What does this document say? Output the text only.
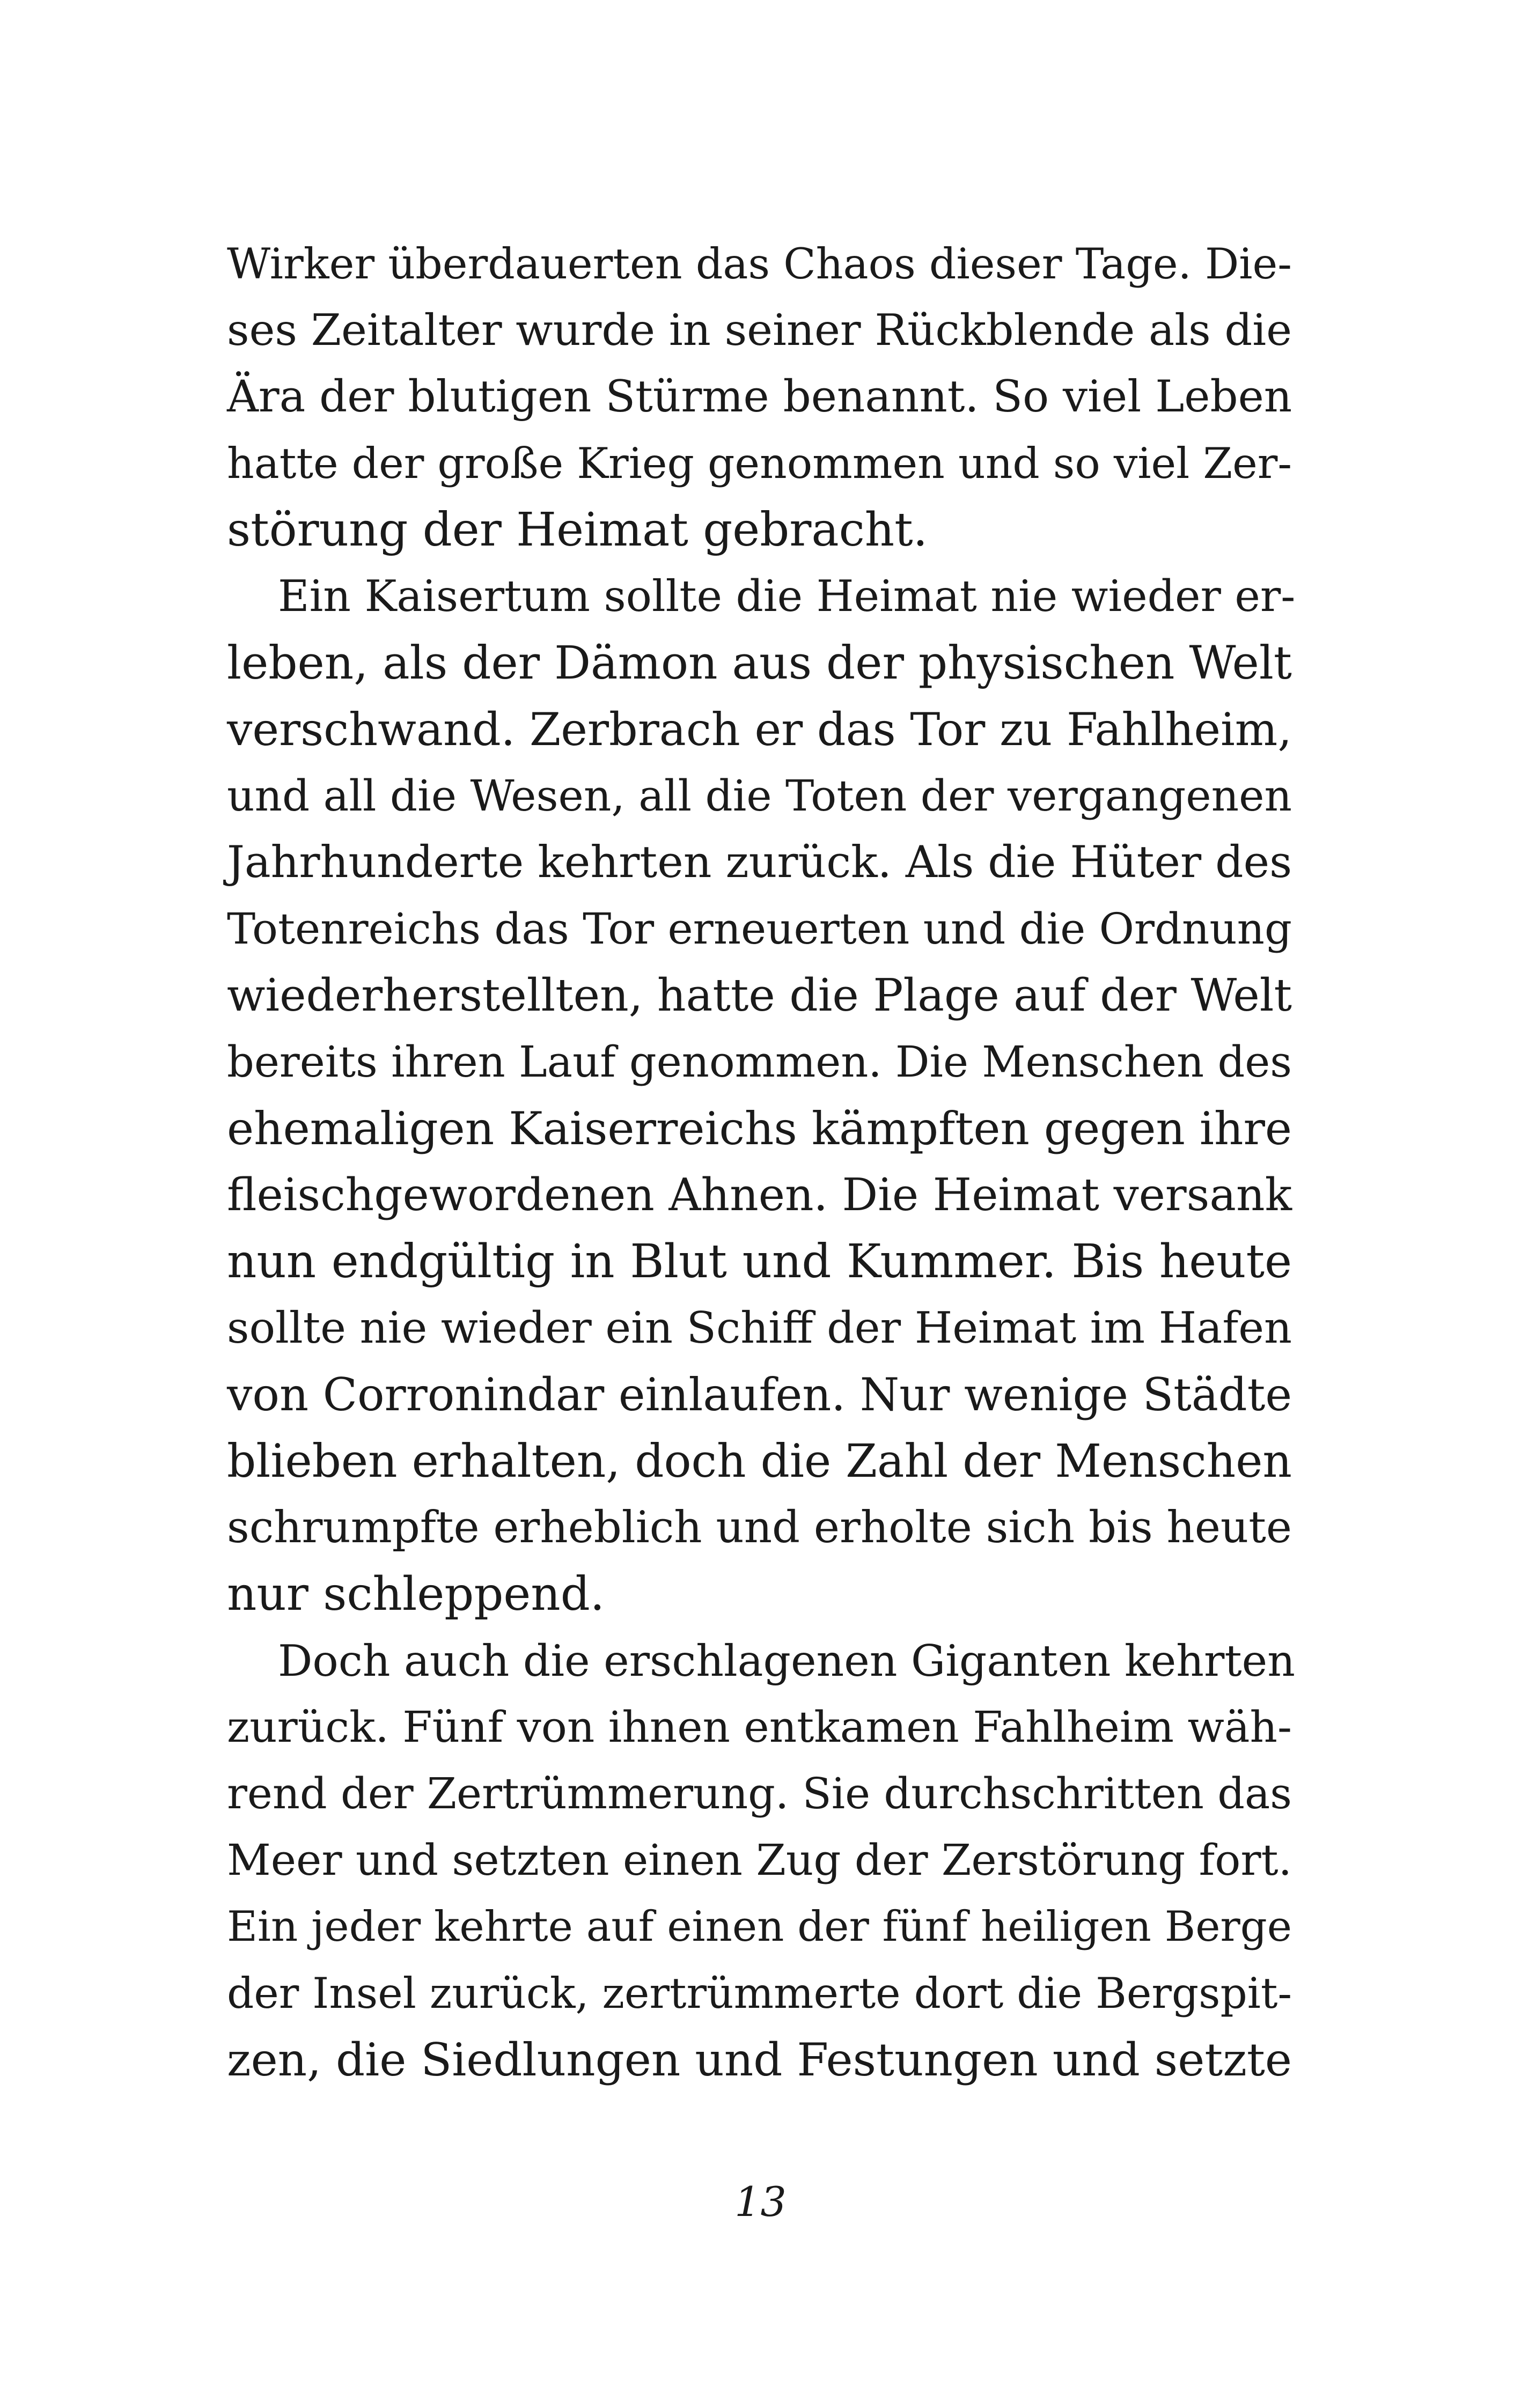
Wirker überdauerten das Chaos dieser Tage. Die-
ses Zeitalter wurde in seiner Rückblende als die
Ära der blutigen Stürme benannt. So viel Leben
hatte der große Krieg genommen und so viel Zer-
störung der Heimat gebracht.
Ein Kaisertum sollte die Heimat nie wieder er-
leben, als der Dämon aus der physischen Welt
verschwand. Zerbrach er das Tor zu Fahlheim,
und all die Wesen, all die Toten der vergangenen
Jahrhunderte kehrten zurück. Als die Hüter des
Totenreichs das Tor erneuerten und die Ordnung
wiederherstellten, hatte die Plage auf der Welt
bereits ihren Lauf genommen. Die Menschen des
ehemaligen Kaiserreichs kämpften gegen ihre
fleischgewordenen Ahnen. Die Heimat versank
nun endgültig in Blut und Kummer. Bis heute
sollte nie wieder ein Schiff der Heimat im Hafen
von Corronindar einlaufen. Nur wenige Städte
blieben erhalten, doch die Zahl der Menschen
schrumpfte erheblich und erholte sich bis heute
nur schleppend.
Doch auch die erschlagenen Giganten kehrten
zurück. Fünf von ihnen entkamen Fahlheim wäh-
rend der Zertrümmerung. Sie durchschritten das
Meer und setzten einen Zug der Zerstörung fort.
Ein jeder kehrte auf einen der fünf heiligen Berge
der Insel zurück, zertrümmerte dort die Bergspit-
zen, die Siedlungen und Festungen und setzte
13
